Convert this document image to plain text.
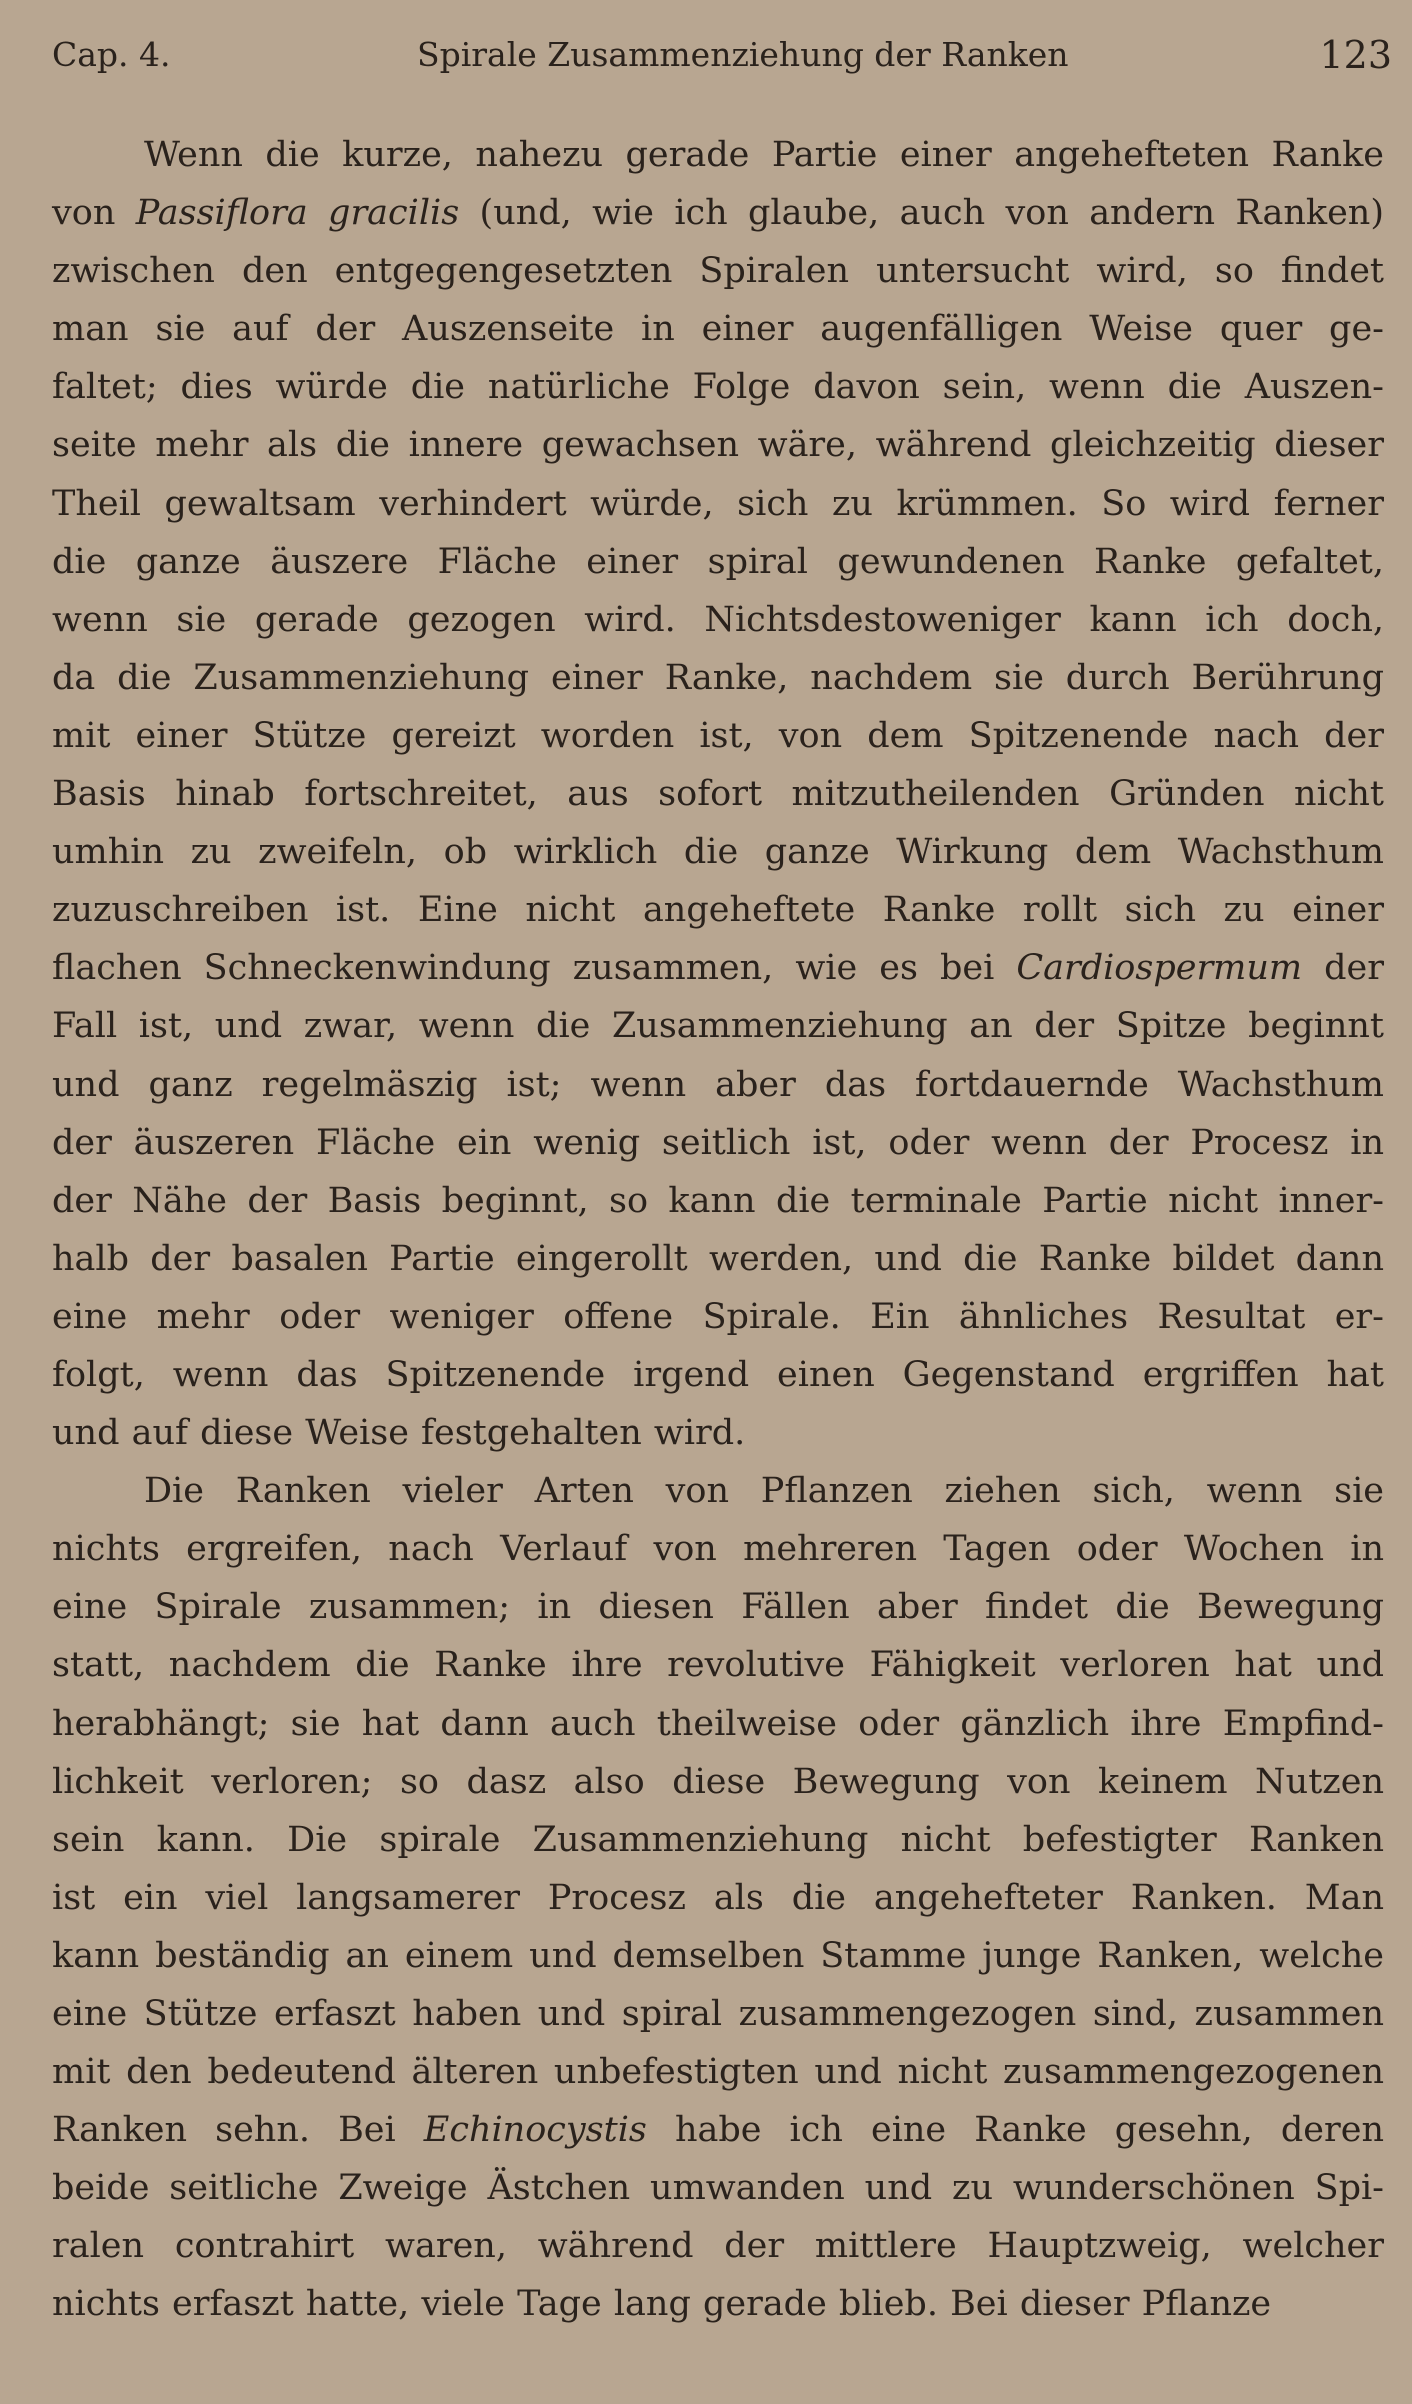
Cap. 4.	Spirale Zusammenziehung der Ranken	123
Wenn die kurze, nahezu gerade Partie einer angehefteten Ranke
von Passiflora gracilis (und, wie ich glaube, auch von andern Ranken)
zwischen den entgegengesetzten Spiralen untersucht wird, so findet
man sie auf der Auszenseite in einer augenfälligen Weise quer ge-
faltet; dies würde die natürliche Folge davon sein, wenn die Auszen-
seite mehr als die innere gewachsen wäre, während gleichzeitig dieser
Theil gewaltsam verhindert würde, sich zu krümmen. So wird ferner
die ganze äuszere Fläche einer spiral gewundenen Ranke gefaltet,
wenn sie gerade gezogen wird. Nichtsdestoweniger kann ich doch,
da die Zusammenziehung einer Ranke, nachdem sie durch Berührung
mit einer Stütze gereizt worden ist, von dem Spitzenende nach der
Basis hinab fortschreitet, aus sofort mitzutheilenden Gründen nicht
umhin zu zweifeln, ob wirklich die ganze Wirkung dem Wachsthum
zuzuschreiben ist. Eine nicht angeheftete Ranke rollt sich zu einer
flachen Schneckenwindung zusammen, wie es bei Cardiospermum der
Fall ist, und zwar, wenn die Zusammenziehung an der Spitze beginnt
und ganz regelmäszig ist; wenn aber das fortdauernde Wachsthum
der äuszeren Fläche ein wenig seitlich ist, oder wenn der Procesz in
der Nähe der Basis beginnt, so kann die terminale Partie nicht inner-
halb der basalen Partie eingerollt werden, und die Ranke bildet dann
eine mehr oder weniger offene Spirale. Ein ähnliches Resultat er-
folgt, wenn das Spitzenende irgend einen Gegenstand ergriffen hat
und auf diese Weise festgehalten wird.
Die Ranken vieler Arten von Pflanzen ziehen sich, wenn sie
nichts ergreifen, nach Verlauf von mehreren Tagen oder Wochen in
eine Spirale zusammen; in diesen Fällen aber findet die Bewegung
statt, nachdem die Ranke ihre revolutive Fähigkeit verloren hat und
herabhängt; sie hat dann auch theilweise oder gänzlich ihre Empfind-
lichkeit verloren; so dasz also diese Bewegung von keinem Nutzen
sein kann. Die spirale Zusammenziehung nicht befestigter Ranken
ist ein viel langsamerer Procesz als die angehefteter Ranken. Man
kann beständig an einem und demselben Stamme junge Ranken, welche
eine Stütze erfaszt haben und spiral zusammengezogen sind, zusammen
mit den bedeutend älteren unbefestigten und nicht zusammengezogenen
Ranken sehn. Bei Echinocystis habe ich eine Ranke gesehn, deren
beide seitliche Zweige Ästchen umwanden und zu wunderschönen Spi-
ralen contrahirt waren, während der mittlere Hauptzweig, welcher
nichts erfaszt hatte, viele Tage lang gerade blieb. Bei dieser Pflanze
